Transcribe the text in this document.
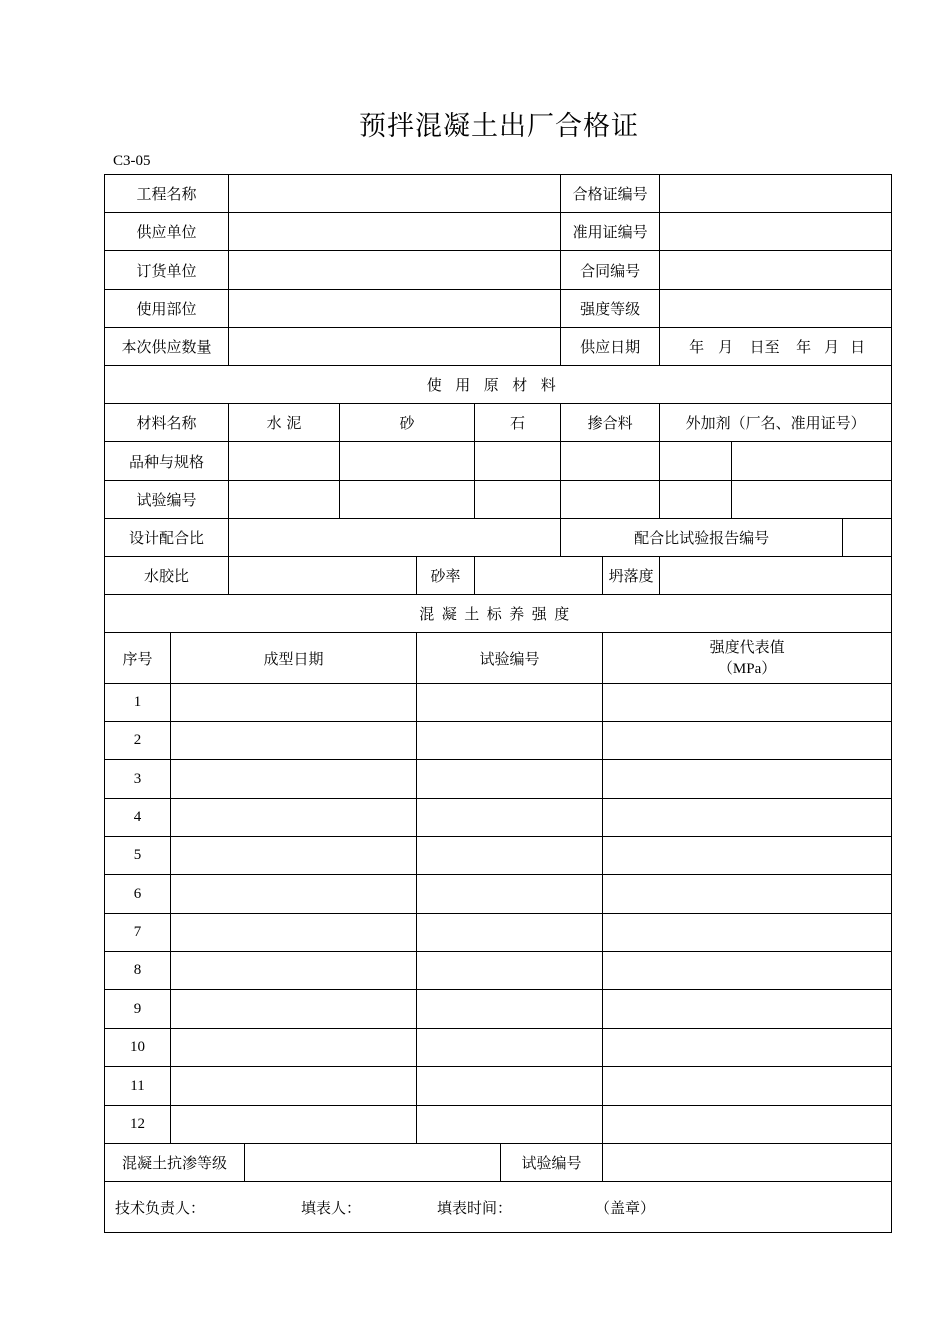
预拌混凝土出厂合格证
C3-05
工程名称								合格证编号				
供应单位								准用证编号				
订货单位								合同编号				
使用部位								强度等级				
本次供应数量								供应日期		年 月 日至 年 月 日		
使用原材料												
材料名称		水 泥		砂		石		掺合料		外加剂（厂名、准用证号）		
品种与规格												
试验编号												
设计配合比								配合比试验报告编号				
水胶比					砂率				坍落度			
混凝土标养强度												
序号	成型日期				试验编号				强度代表值
（MPa）			

1												
2												
3												
4												
5												
6												
7												
8												
9												
10												
11												
12												
混凝土抗渗等级							试验编号					
技术负责人： 填表人： 填表时间： （盖章）												
